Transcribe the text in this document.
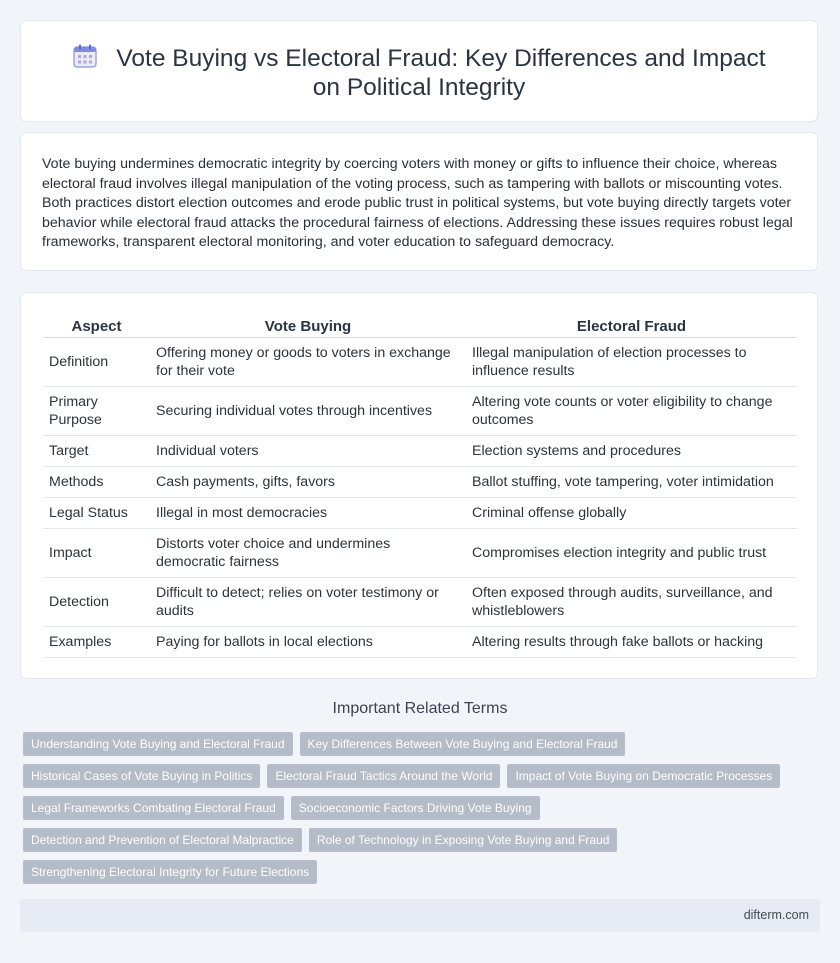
Vote Buying vs Electoral Fraud: Key Differences and Impact on Political Integrity

Vote buying undermines democratic integrity by coercing voters with money or gifts to influence their choice, whereas electoral fraud involves illegal manipulation of the voting process, such as tampering with ballots or miscounting votes. Both practices distort election outcomes and erode public trust in political systems, but vote buying directly targets voter behavior while electoral fraud attacks the procedural fairness of elections. Addressing these issues requires robust legal frameworks, transparent electoral monitoring, and voter education to safeguard democracy.

Aspect	Vote Buying	Electoral Fraud
Definition	Offering money or goods to voters in exchange for their vote	Illegal manipulation of election processes to influence results
Primary Purpose	Securing individual votes through incentives	Altering vote counts or voter eligibility to change outcomes
Target	Individual voters	Election systems and procedures
Methods	Cash payments, gifts, favors	Ballot stuffing, vote tampering, voter intimidation
Legal Status	Illegal in most democracies	Criminal offense globally
Impact	Distorts voter choice and undermines democratic fairness	Compromises election integrity and public trust
Detection	Difficult to detect; relies on voter testimony or audits	Often exposed through audits, surveillance, and whistleblowers
Examples	Paying for ballots in local elections	Altering results through fake ballots or hacking
Important Related Terms
Understanding Vote Buying and Electoral Fraud Key Differences Between Vote Buying and Electoral Fraud
Historical Cases of Vote Buying in Politics Electoral Fraud Tactics Around the World Impact of Vote Buying on Democratic Processes
Legal Frameworks Combating Electoral Fraud Socioeconomic Factors Driving Vote Buying
Detection and Prevention of Electoral Malpractice Role of Technology in Exposing Vote Buying and Fraud
Strengthening Electoral Integrity for Future Elections
difterm.com
